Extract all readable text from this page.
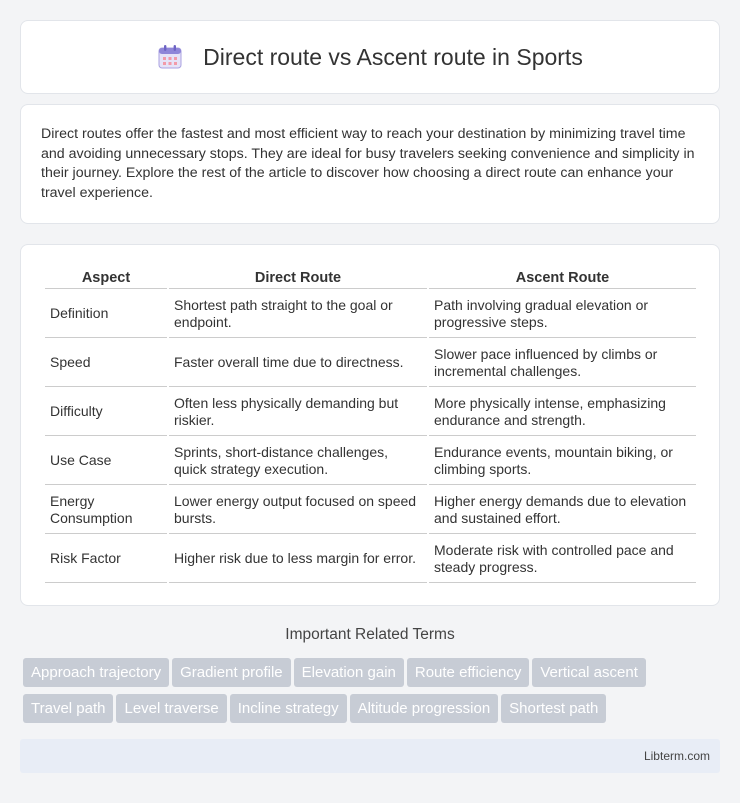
Direct route vs Ascent route in Sports

Direct routes offer the fastest and most efficient way to reach your destination by minimizing travel time and avoiding unnecessary stops. They are ideal for busy travelers seeking convenience and simplicity in their journey. Explore the rest of the article to discover how choosing a direct route can enhance your travel experience.

Aspect	Direct Route	Ascent Route
Definition	Shortest path straight to the goal or endpoint.	Path involving gradual elevation or progressive steps.
Speed	Faster overall time due to directness.	Slower pace influenced by climbs or incremental challenges.
Difficulty	Often less physically demanding but riskier.	More physically intense, emphasizing endurance and strength.
Use Case	Sprints, short-distance challenges, quick strategy execution.	Endurance events, mountain biking, or climbing sports.
Energy Consumption	Lower energy output focused on speed bursts.	Higher energy demands due to elevation and sustained effort.
Risk Factor	Higher risk due to less margin for error.	Moderate risk with controlled pace and steady progress.
Important Related Terms
Approach trajectory Gradient profile Elevation gain Route efficiency Vertical ascent
Travel path Level traverse Incline strategy Altitude progression Shortest path
Libterm.com
